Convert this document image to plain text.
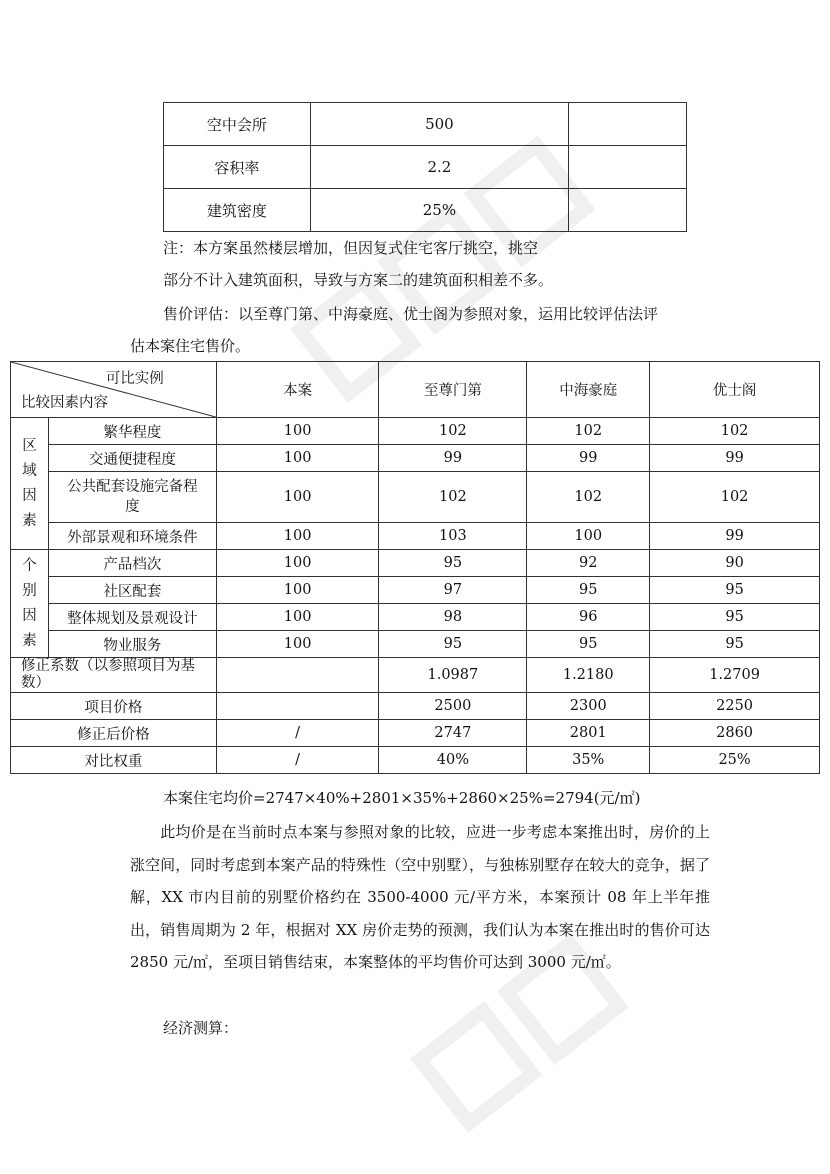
空中会所	500	
容积率	2.2	
建筑密度	25%	
注：本方案虽然楼层增加，但因复式住宅客厅挑空，挑空
部分不计入建筑面积，导致与方案二的建筑面积相差不多。
售价评估：以至尊门第、中海豪庭、优士阁为参照对象，运用比较评估法评
估本案住宅售价。
可比实例
比较因素内容		本案	至尊门第	中海豪庭	优士阁
区
域
因
素	繁华程度	100	102	102	102
	交通便捷程度	100	99	99	99
	公共配套设施完备程度	100	102	102	102
	外部景观和环境条件	100	103	100	99
个
别
因
素	产品档次	100	95	92	90
	社区配套	100	97	95	95
	整体规划及景观设计	100	98	96	95
	物业服务	100	95	95	95
修正系数（以参照项目为基数）			1.0987	1.2180	1.2709
项目价格			2500	2300	2250
修正后价格		/	2747	2801	2860
对比权重		/	40%	35%	25%
本案住宅均价=2747×40%+2801×35%+2860×25%=2794(元/㎡)
此均价是在当前时点本案与参照对象的比较，应进一步考虑本案推出时，房价的上涨空间，同时考虑到本案产品的特殊性（空中别墅），与独栋别墅存在较大的竞争，据了解，XX 市内目前的别墅价格约在 3500-4000 元/平方米，本案预计 08 年上半年推出，销售周期为 2 年，根据对 XX 房价走势的预测，我们认为本案在推出时的售价可达 2850 元/㎡，至项目销售结束，本案整体的平均售价可达到 3000 元/㎡。
经济测算：
